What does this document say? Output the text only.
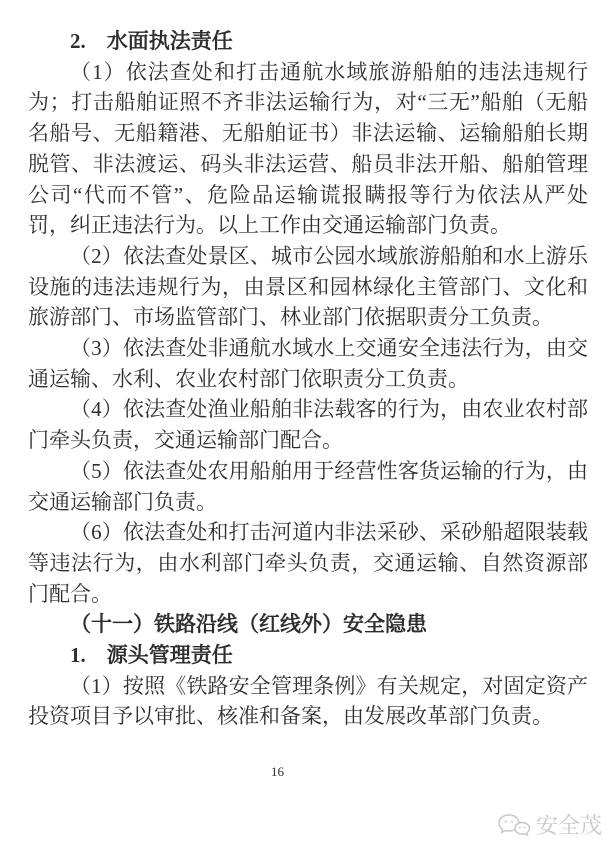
2.　水面执法责任

（1）依法查处和打击通航水域旅游船舶的违法违规行为；打击船舶证照不齐非法运输行为，对“三无”船舶（无船名船号、无船籍港、无船舶证书）非法运输、运输船舶长期脱管、非法渡运、码头非法运营、船员非法开船、船舶管理公司“代而不管”、危险品运输谎报瞒报等行为依法从严处罚，纠正违法行为。以上工作由交通运输部门负责。

（2）依法查处景区、城市公园水域旅游船舶和水上游乐设施的违法违规行为，由景区和园林绿化主管部门、文化和旅游部门、市场监管部门、林业部门依据职责分工负责。

（3）依法查处非通航水域水上交通安全违法行为，由交通运输、水利、农业农村部门依职责分工负责。

（4）依法查处渔业船舶非法载客的行为，由农业农村部门牵头负责，交通运输部门配合。

（5）依法查处农用船舶用于经营性客货运输的行为，由交通运输部门负责。

（6）依法查处和打击河道内非法采砂、采砂船超限装载等违法行为，由水利部门牵头负责，交通运输、自然资源部门配合。

（十一）铁路沿线（红线外）安全隐患

1.　源头管理责任

（1）按照《铁路安全管理条例》有关规定，对固定资产投资项目予以审批、核准和备案，由发展改革部门负责。

16
安全茂
